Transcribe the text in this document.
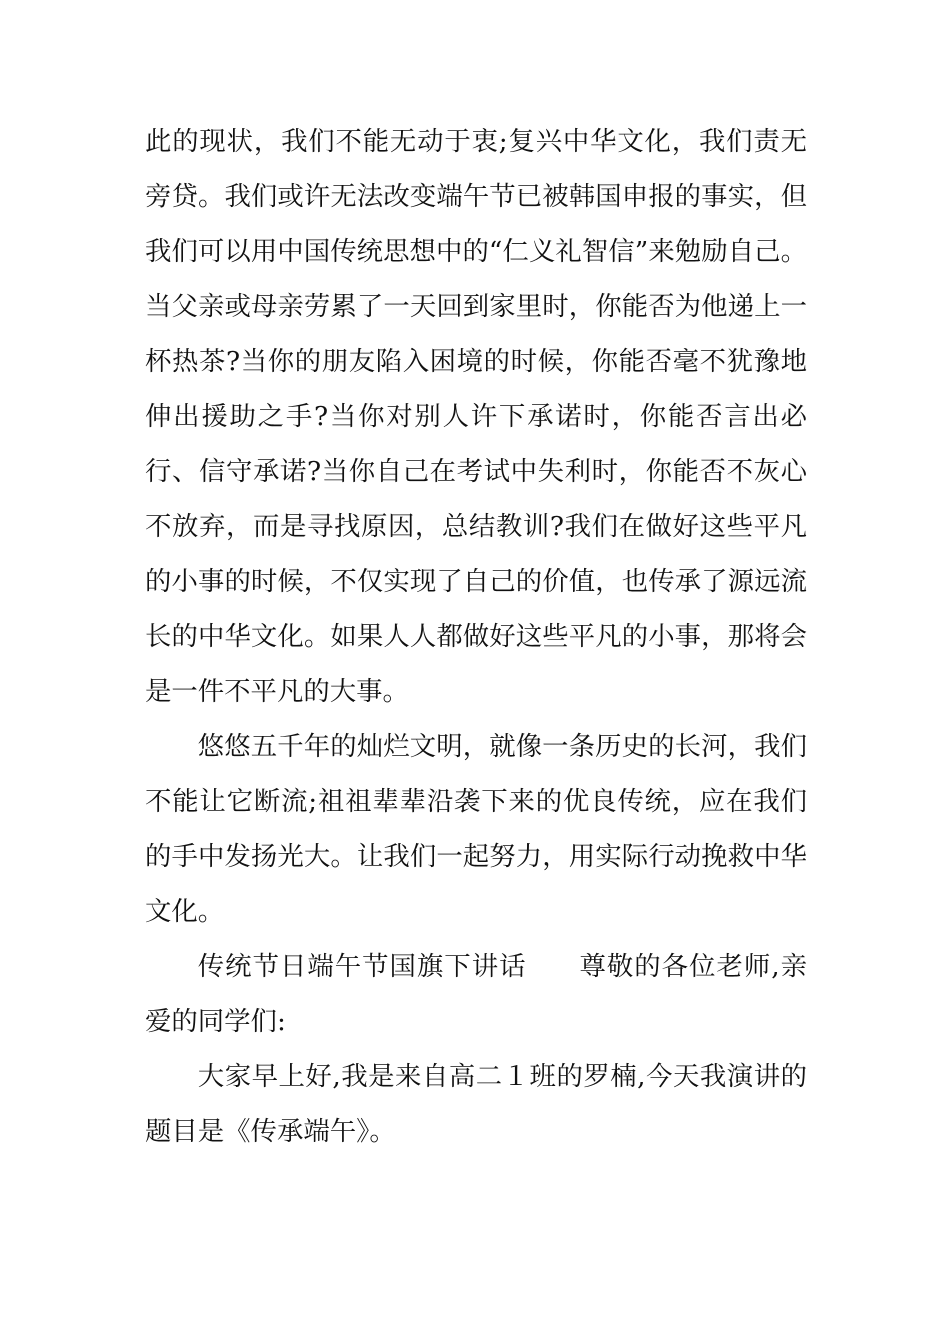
此的现状，我们不能无动于衷;复兴中华文化，我们责无旁贷。我们或许无法改变端午节已被韩国申报的事实，但我们可以用中国传统思想中的“仁义礼智信”来勉励自己。当父亲或母亲劳累了一天回到家里时，你能否为他递上一杯热茶?当你的朋友陷入困境的时候，你能否毫不犹豫地伸出援助之手?当你对别人许下承诺时，你能否言出必行、信守承诺?当你自己在考试中失利时，你能否不灰心不放弃，而是寻找原因，总结教训?我们在做好这些平凡的小事的时候，不仅实现了自己的价值，也传承了源远流长的中华文化。如果人人都做好这些平凡的小事，那将会是一件不平凡的大事。

悠悠五千年的灿烂文明，就像一条历史的长河，我们不能让它断流;祖祖辈辈沿袭下来的优良传统，应在我们的手中发扬光大。让我们一起努力，用实际行动挽救中华文化。

传统节日端午节国旗下讲话 尊敬的各位老师,亲爱的同学们:

大家早上好,我是来自高二１班的罗楠,今天我演讲的题目是《传承端午》。
